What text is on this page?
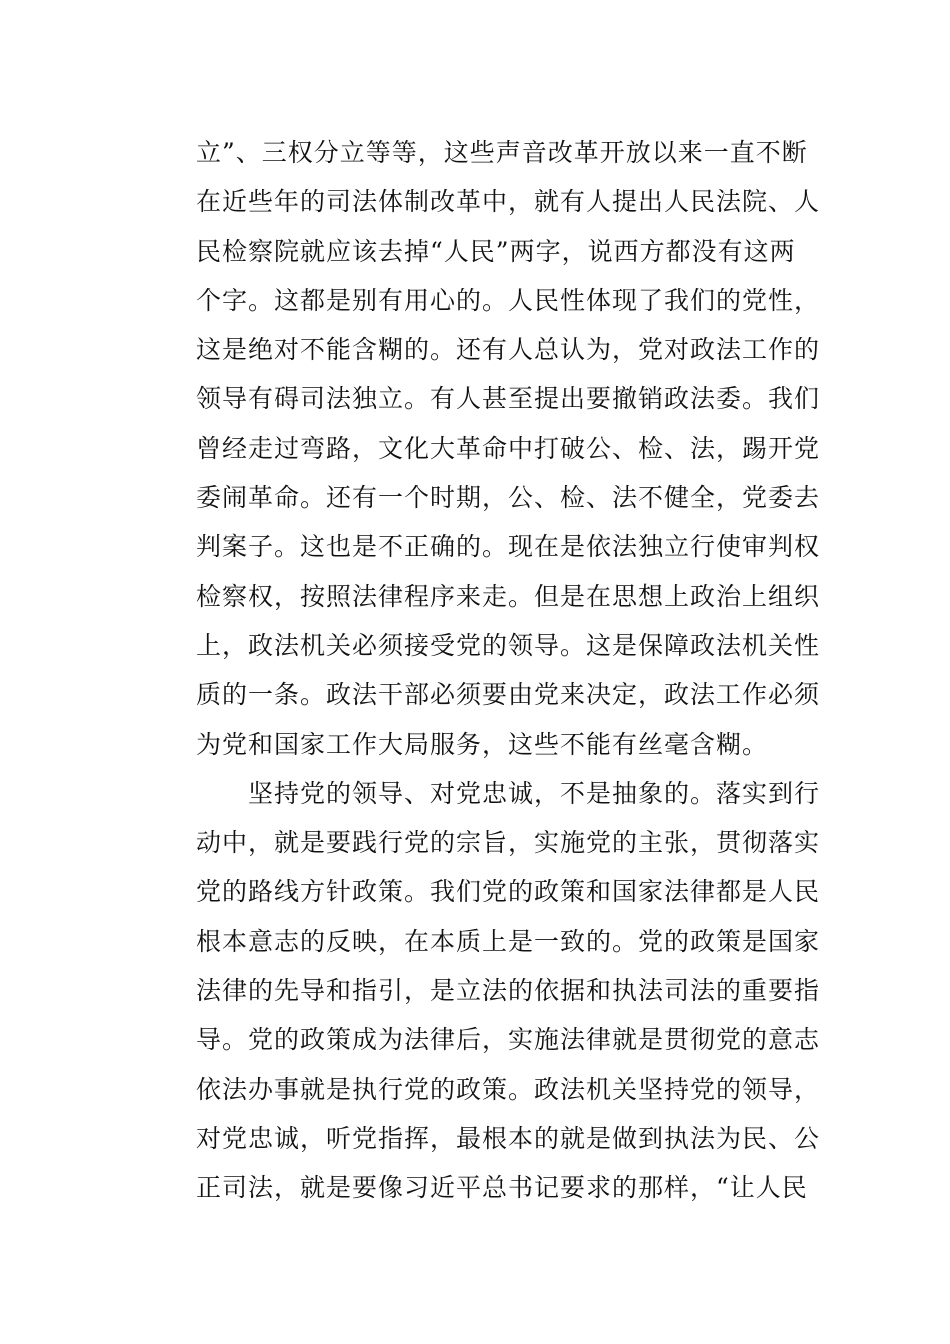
立”、三权分立等等，这些声音改革开放以来一直不断
在近些年的司法体制改革中，就有人提出人民法院、人
民检察院就应该去掉“人民”两字，说西方都没有这两
个字。这都是别有用心的。人民性体现了我们的党性，
这是绝对不能含糊的。还有人总认为，党对政法工作的
领导有碍司法独立。有人甚至提出要撤销政法委。我们
曾经走过弯路，文化大革命中打破公、检、法，踢开党
委闹革命。还有一个时期，公、检、法不健全，党委去
判案子。这也是不正确的。现在是依法独立行使审判权
检察权，按照法律程序来走。但是在思想上政治上组织
上，政法机关必须接受党的领导。这是保障政法机关性
质的一条。政法干部必须要由党来决定，政法工作必须
为党和国家工作大局服务，这些不能有丝毫含糊。
坚持党的领导、对党忠诚，不是抽象的。落实到行
动中，就是要践行党的宗旨，实施党的主张，贯彻落实
党的路线方针政策。我们党的政策和国家法律都是人民
根本意志的反映，在本质上是一致的。党的政策是国家
法律的先导和指引，是立法的依据和执法司法的重要指
导。党的政策成为法律后，实施法律就是贯彻党的意志
依法办事就是执行党的政策。政法机关坚持党的领导，
对党忠诚，听党指挥，最根本的就是做到执法为民、公
正司法，就是要像习近平总书记要求的那样，“让人民
